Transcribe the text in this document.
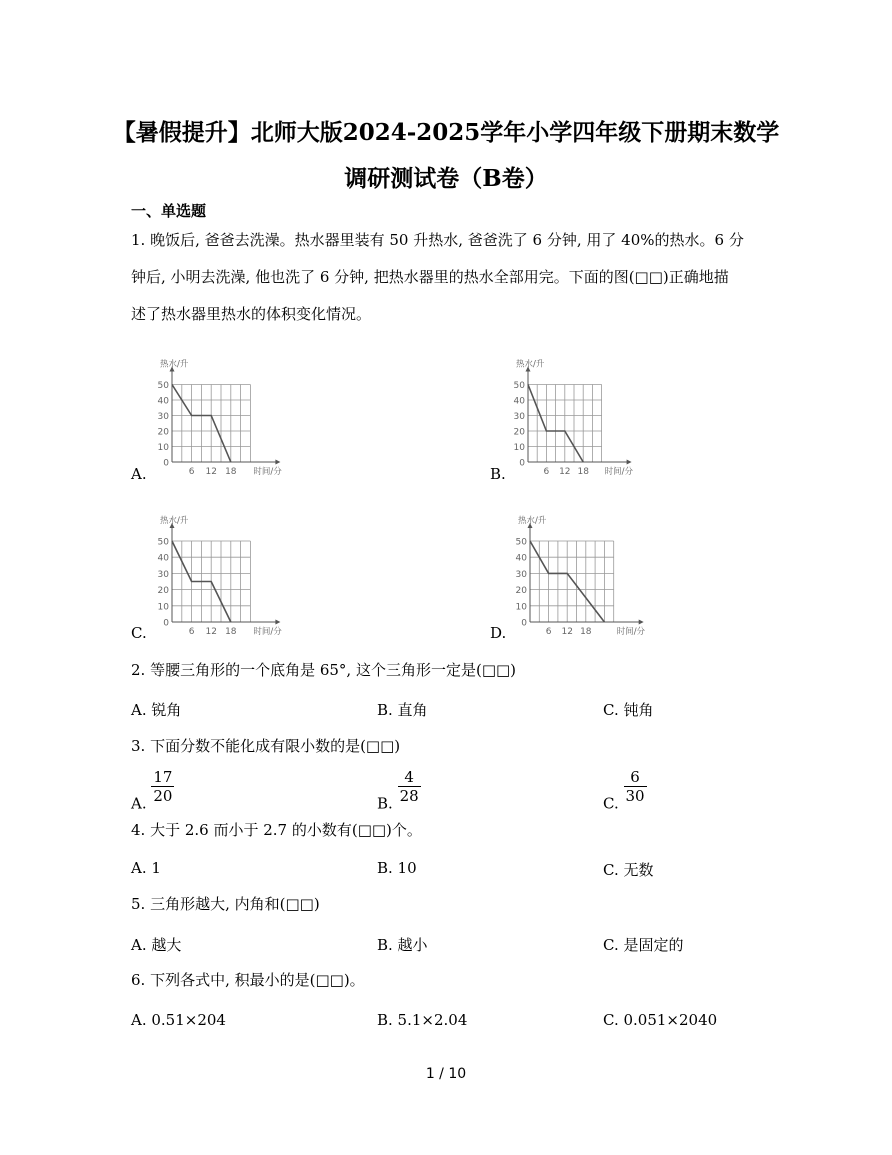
【暑假提升】北师大版2024-2025学年小学四年级下册期末数学
调研测试卷（B卷）
一、单选题
1. 晚饭后, 爸爸去洗澡。热水器里装有 50 升热水, 爸爸洗了 6 分钟, 用了 40%的热水。6 分
钟后, 小明去洗澡, 他也洗了 6 分钟, 把热水器里的热水全部用完。下面的图(□□)正确地描
述了热水器里热水的体积变化情况。
A.
0
10
20
30
40
50
6 12 18
热水/升
时间/分	B.
0
10
20
30
40
50
6 12 18
热水/升
时间/分
C.
0
10
20
30
40
50
6 12 18
热水/升
时间/分	D.
0
10
20
30
40
50
6 12 18
热水/升
时间/分
2. 等腰三角形的一个底角是 65°, 这个三角形一定是(□□)
A. 锐角	B. 直角	C. 钝角
3. 下面分数不能化成有限小数的是(□□)
A. $\frac{17}{20}$	B. $\frac{4}{28}$	C. $\frac{6}{30}$
4. 大于 2.6 而小于 2.7 的小数有(□□)个。
A. 1	B. 10	C. 无数
5. 三角形越大, 内角和(□□)
A. 越大	B. 越小	C. 是固定的
6. 下列各式中, 积最小的是(□□)。
A. 0.51×204	B. 5.1×2.04	C. 0.051×2040
1 / 10
